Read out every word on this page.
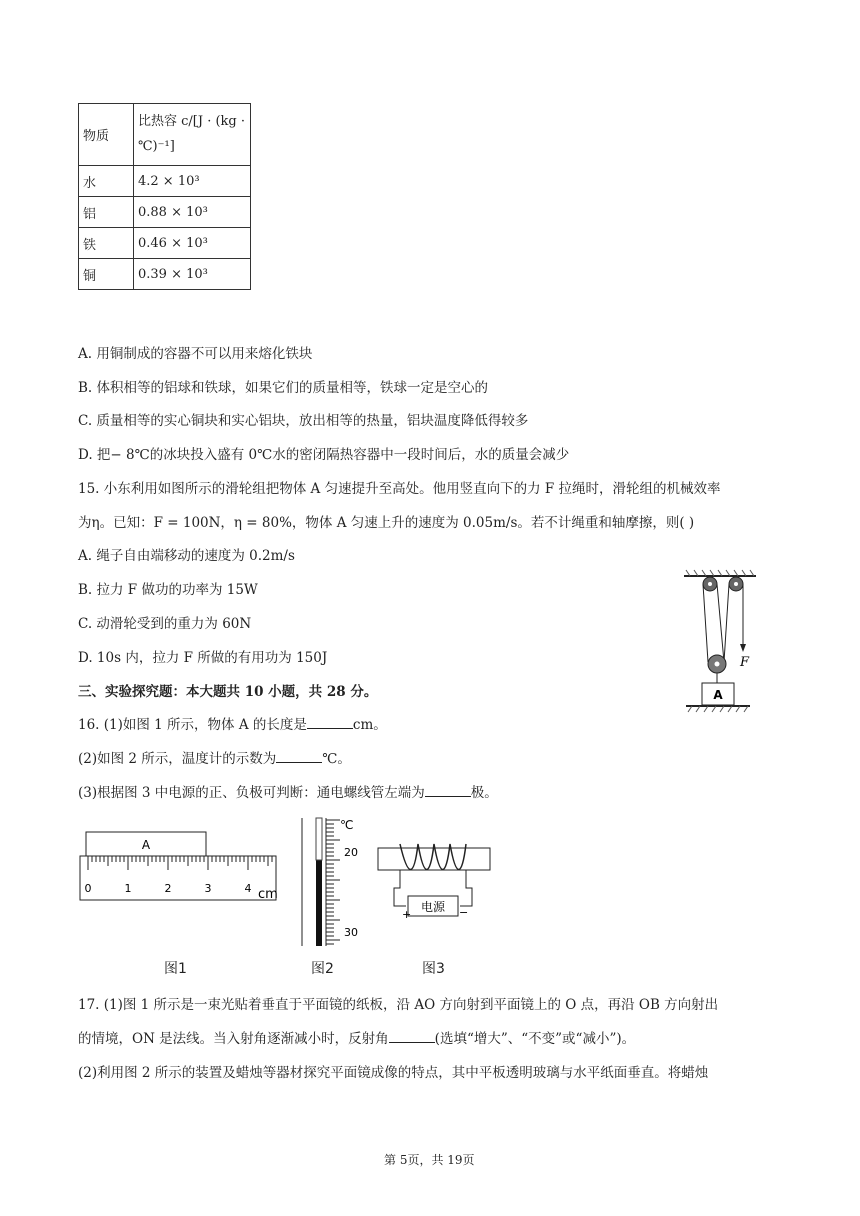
物质	比热容 c/[J · (kg · ℃)⁻¹]
水	4.2 × 10³
铝	0.88 × 10³
铁	0.46 × 10³
铜	0.39 × 10³
A. 用铜制成的容器不可以用来熔化铁块
B. 体积相等的铝球和铁球，如果它们的质量相等，铁球一定是空心的
C. 质量相等的实心铜块和实心铝块，放出相等的热量，铝块温度降低得较多
D. 把− 8℃的冰块投入盛有 0℃水的密闭隔热容器中一段时间后，水的质量会减少
15. 小东利用如图所示的滑轮组把物体 A 匀速提升至高处。他用竖直向下的力 F 拉绳时，滑轮组的机械效率
为η。已知：F = 100N，η = 80%，物体 A 匀速上升的速度为 0.05m/s。若不计绳重和轴摩擦，则( )
A. 绳子自由端移动的速度为 0.2m/s
B. 拉力 F 做功的功率为 15W
C. 动滑轮受到的重力为 60N
D. 10s 内，拉力 F 所做的有用功为 150J
A
F
三、实验探究题：本大题共 10 小题，共 28 分。
16. (1)如图 1 所示，物体 A 的长度是	cm。
(2)如图 2 所示，温度计的示数为	℃。
(3)根据图 3 中电源的正、负极可判断：通电螺线管左端为	极。
A
0	1	2	3	4 cm
℃
20
30
电源
+	−
图1	图2	图3
17. (1)图 1 所示是一束光贴着垂直于平面镜的纸板，沿 AO 方向射到平面镜上的 O 点，再沿 OB 方向射出
的情境，ON 是法线。当入射角逐渐减小时，反射角	(选填“增大”、“不变”或“减小”)。
(2)利用图 2 所示的装置及蜡烛等器材探究平面镜成像的特点，其中平板透明玻璃与水平纸面垂直。将蜡烛
第 5页，共 19页
